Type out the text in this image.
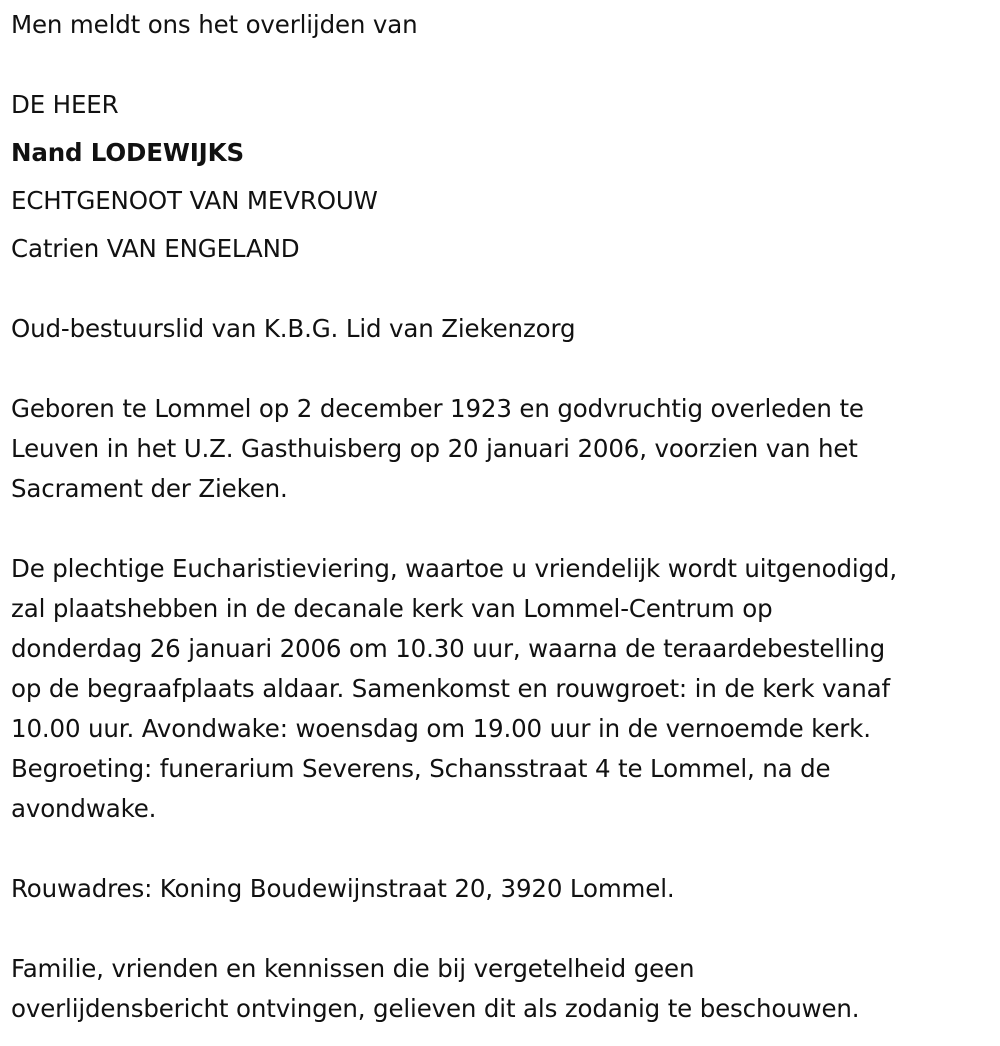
Men meldt ons het overlijden van

DE HEER

Nand LODEWIJKS

ECHTGENOOT VAN MEVROUW

Catrien VAN ENGELAND

Oud-bestuurslid van K.B.G. Lid van Ziekenzorg

Geboren te Lommel op 2 december 1923 en godvruchtig overleden te
Leuven in het U.Z. Gasthuisberg op 20 januari 2006, voorzien van het
Sacrament der Zieken.
De plechtige Eucharistieviering, waartoe u vriendelijk wordt uitgenodigd,
zal plaatshebben in de decanale kerk van Lommel-Centrum op
donderdag 26 januari 2006 om 10.30 uur, waarna de teraardebestelling
op de begraafplaats aldaar. Samenkomst en rouwgroet: in de kerk vanaf
10.00 uur. Avondwake: woensdag om 19.00 uur in de vernoemde kerk.
Begroeting: funerarium Severens, Schansstraat 4 te Lommel, na de
avondwake.
Rouwadres: Koning Boudewijnstraat 20, 3920 Lommel.
Familie, vrienden en kennissen die bij vergetelheid geen
overlijdensbericht ontvingen, gelieven dit als zodanig te beschouwen.
